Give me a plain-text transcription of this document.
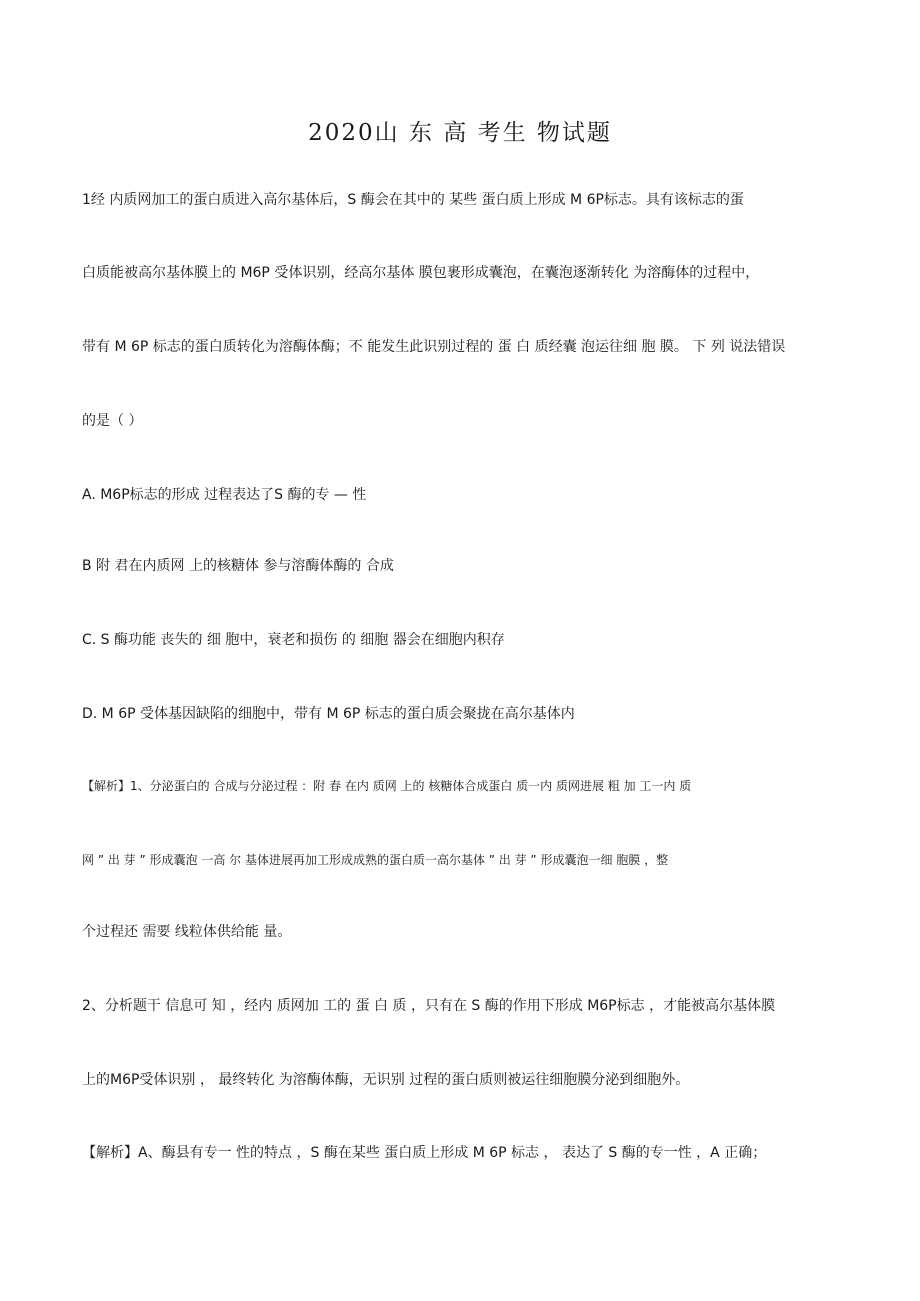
2020山 东 高 考生 物试题
1经 内质网加工的蛋白质进入高尔基体后，S 酶会在其中的 某些 蛋白质上形成 M 6P标志。具有该标志的蛋
白质能被高尔基体膜上的 M6P 受体识别，经高尔基体 膜包裹形成囊泡，在囊泡逐渐转化 为溶酶体的过程中，
带有 M 6P 标志的蛋白质转化为溶酶体酶；不 能发生此识别过程的 蛋 白 质经囊 泡运往细 胞 膜。 下 列 说法错误
的是（ ）
A. M6P标志的形成 过程表达了S 酶的专 — 性
B 附 君在内质网 上的核糖体 参与溶酶体酶的 合成
C. S 酶功能 丧失的 细 胞中，衰老和损伤 的 细胞 器会在细胞内积存
D. M 6P 受体基因缺陷的细胞中，带有 M 6P 标志的蛋白质会聚拢在高尔基体内
【解析】1、分泌蛋白的 合成与分泌过程 ：附 春 在内 质网 上的 核糖体合成蛋白 质一内 质网进展 粗 加 工一内 质
网 ” 出 芽 ” 形成囊泡 一高 尔 基体进展再加工形成成熟的蛋白质一高尔基体 ” 出 芽 ” 形成囊泡一细 胞膜 ，整
个过程还 需要 线粒体供给能 量。
2、分析题干 信息可 知 ，经内 质网加 工的 蛋 白 质 ，只有在 S 酶的作用下形成 M6P标志 ，才能被高尔基体膜
上的M6P受体识别 ， 最终转化 为溶酶体酶，无识别 过程的蛋白质则被运往细胞膜分泌到细胞外。
【解析】A、酶县有专一 性的特点 ，S 酶在某些 蛋白质上形成 M 6P 标志 ， 表达了 S 酶的专一性 ，A 正确；
